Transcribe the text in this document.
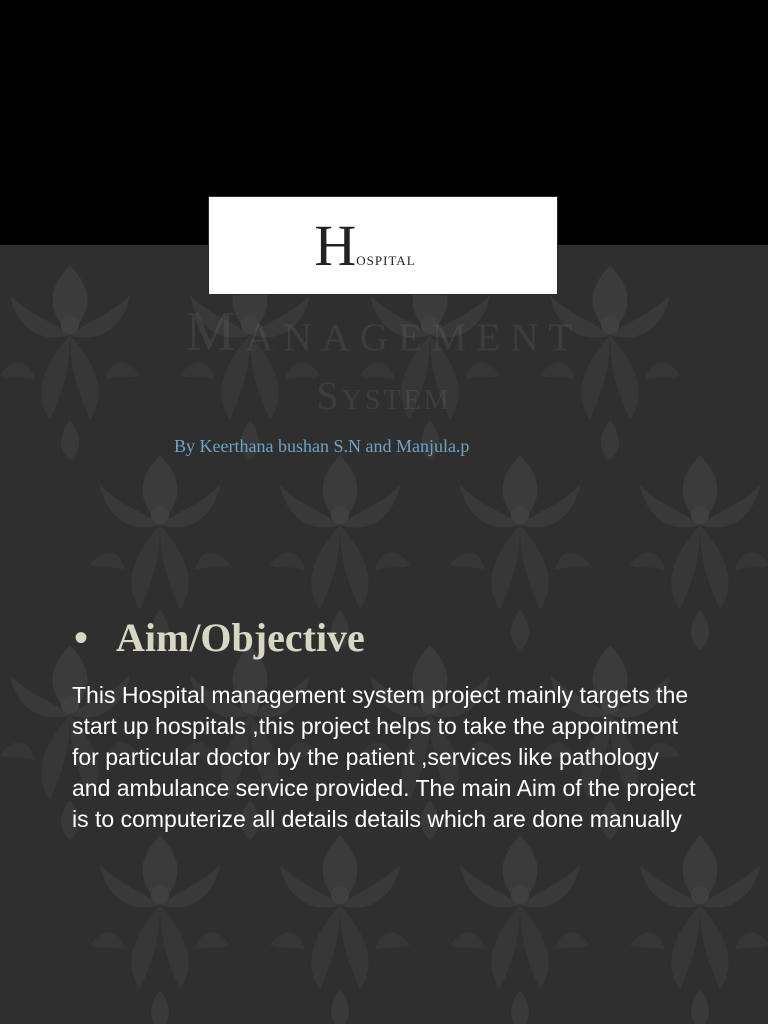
Management
System
Hospital
By Keerthana bushan S.N and Manjula.p
• Aim/Objective
This Hospital management system project mainly targets the start up hospitals ,this project helps to take the appointment for particular doctor by the patient ,services like pathology and ambulance service provided. The main Aim of the project is to computerize all details details which are done manually
